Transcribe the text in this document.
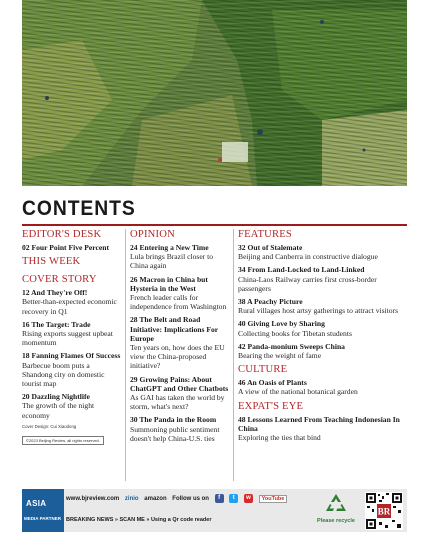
CONTENTS
EDITOR'S DESK
02 Four Point Five Percent
THIS WEEK
COVER STORY
12 And They're Off!
Better-than-expected economic recovery in Q1
16 The Target: Trade
Rising exports suggest upbeat momentum
18 Fanning Flames Of Success
Barbecue boom puts a Shandong city on domestic tourist map
20 Dazzling Nightlife
The growth of the night economy
Cover Design: Cui Xiaodong
©2023 Beijing Review, all rights reserved.
OPINION
24 Entering a New Time
Lula brings Brazil closer to China again
26 Macron in China but Hysteria in the West
French leader calls for independence from Washington
28 The Belt and Road Initiative: Implications For Europe
Ten years on, how does the EU view the China-proposed initiative?
29 Growing Pains: About ChatGPT and Other Chatbots
As GAI has taken the world by storm, what's next?
30 The Panda in the Room
Summoning public sentiment doesn't help China-U.S. ties
FEATURES
32 Out of Stalemate
Beijing and Canberra in constructive dialogue
34 From Land-Locked to Land-Linked
China-Laos Railway carries first cross-border passengers
38 A Peachy Picture
Rural villages host artsy gatherings to attract visitors
40 Giving Love by Sharing
Collecting books for Tibetan students
42 Panda-monium Sweeps China
Bearing the weight of fame
CULTURE
46 An Oasis of Plants
A view of the national botanical garden
EXPAT'S EYE
48 Lessons Learned From Teaching Indonesian In China
Exploring the ties that bind
ASIA
MEDIA PARTNER
www.bjreview.com zinio amazon Follow us on f t w YouTube
BREAKING NEWS » SCAN ME » Using a Qr code reader	Please recycle
BR
